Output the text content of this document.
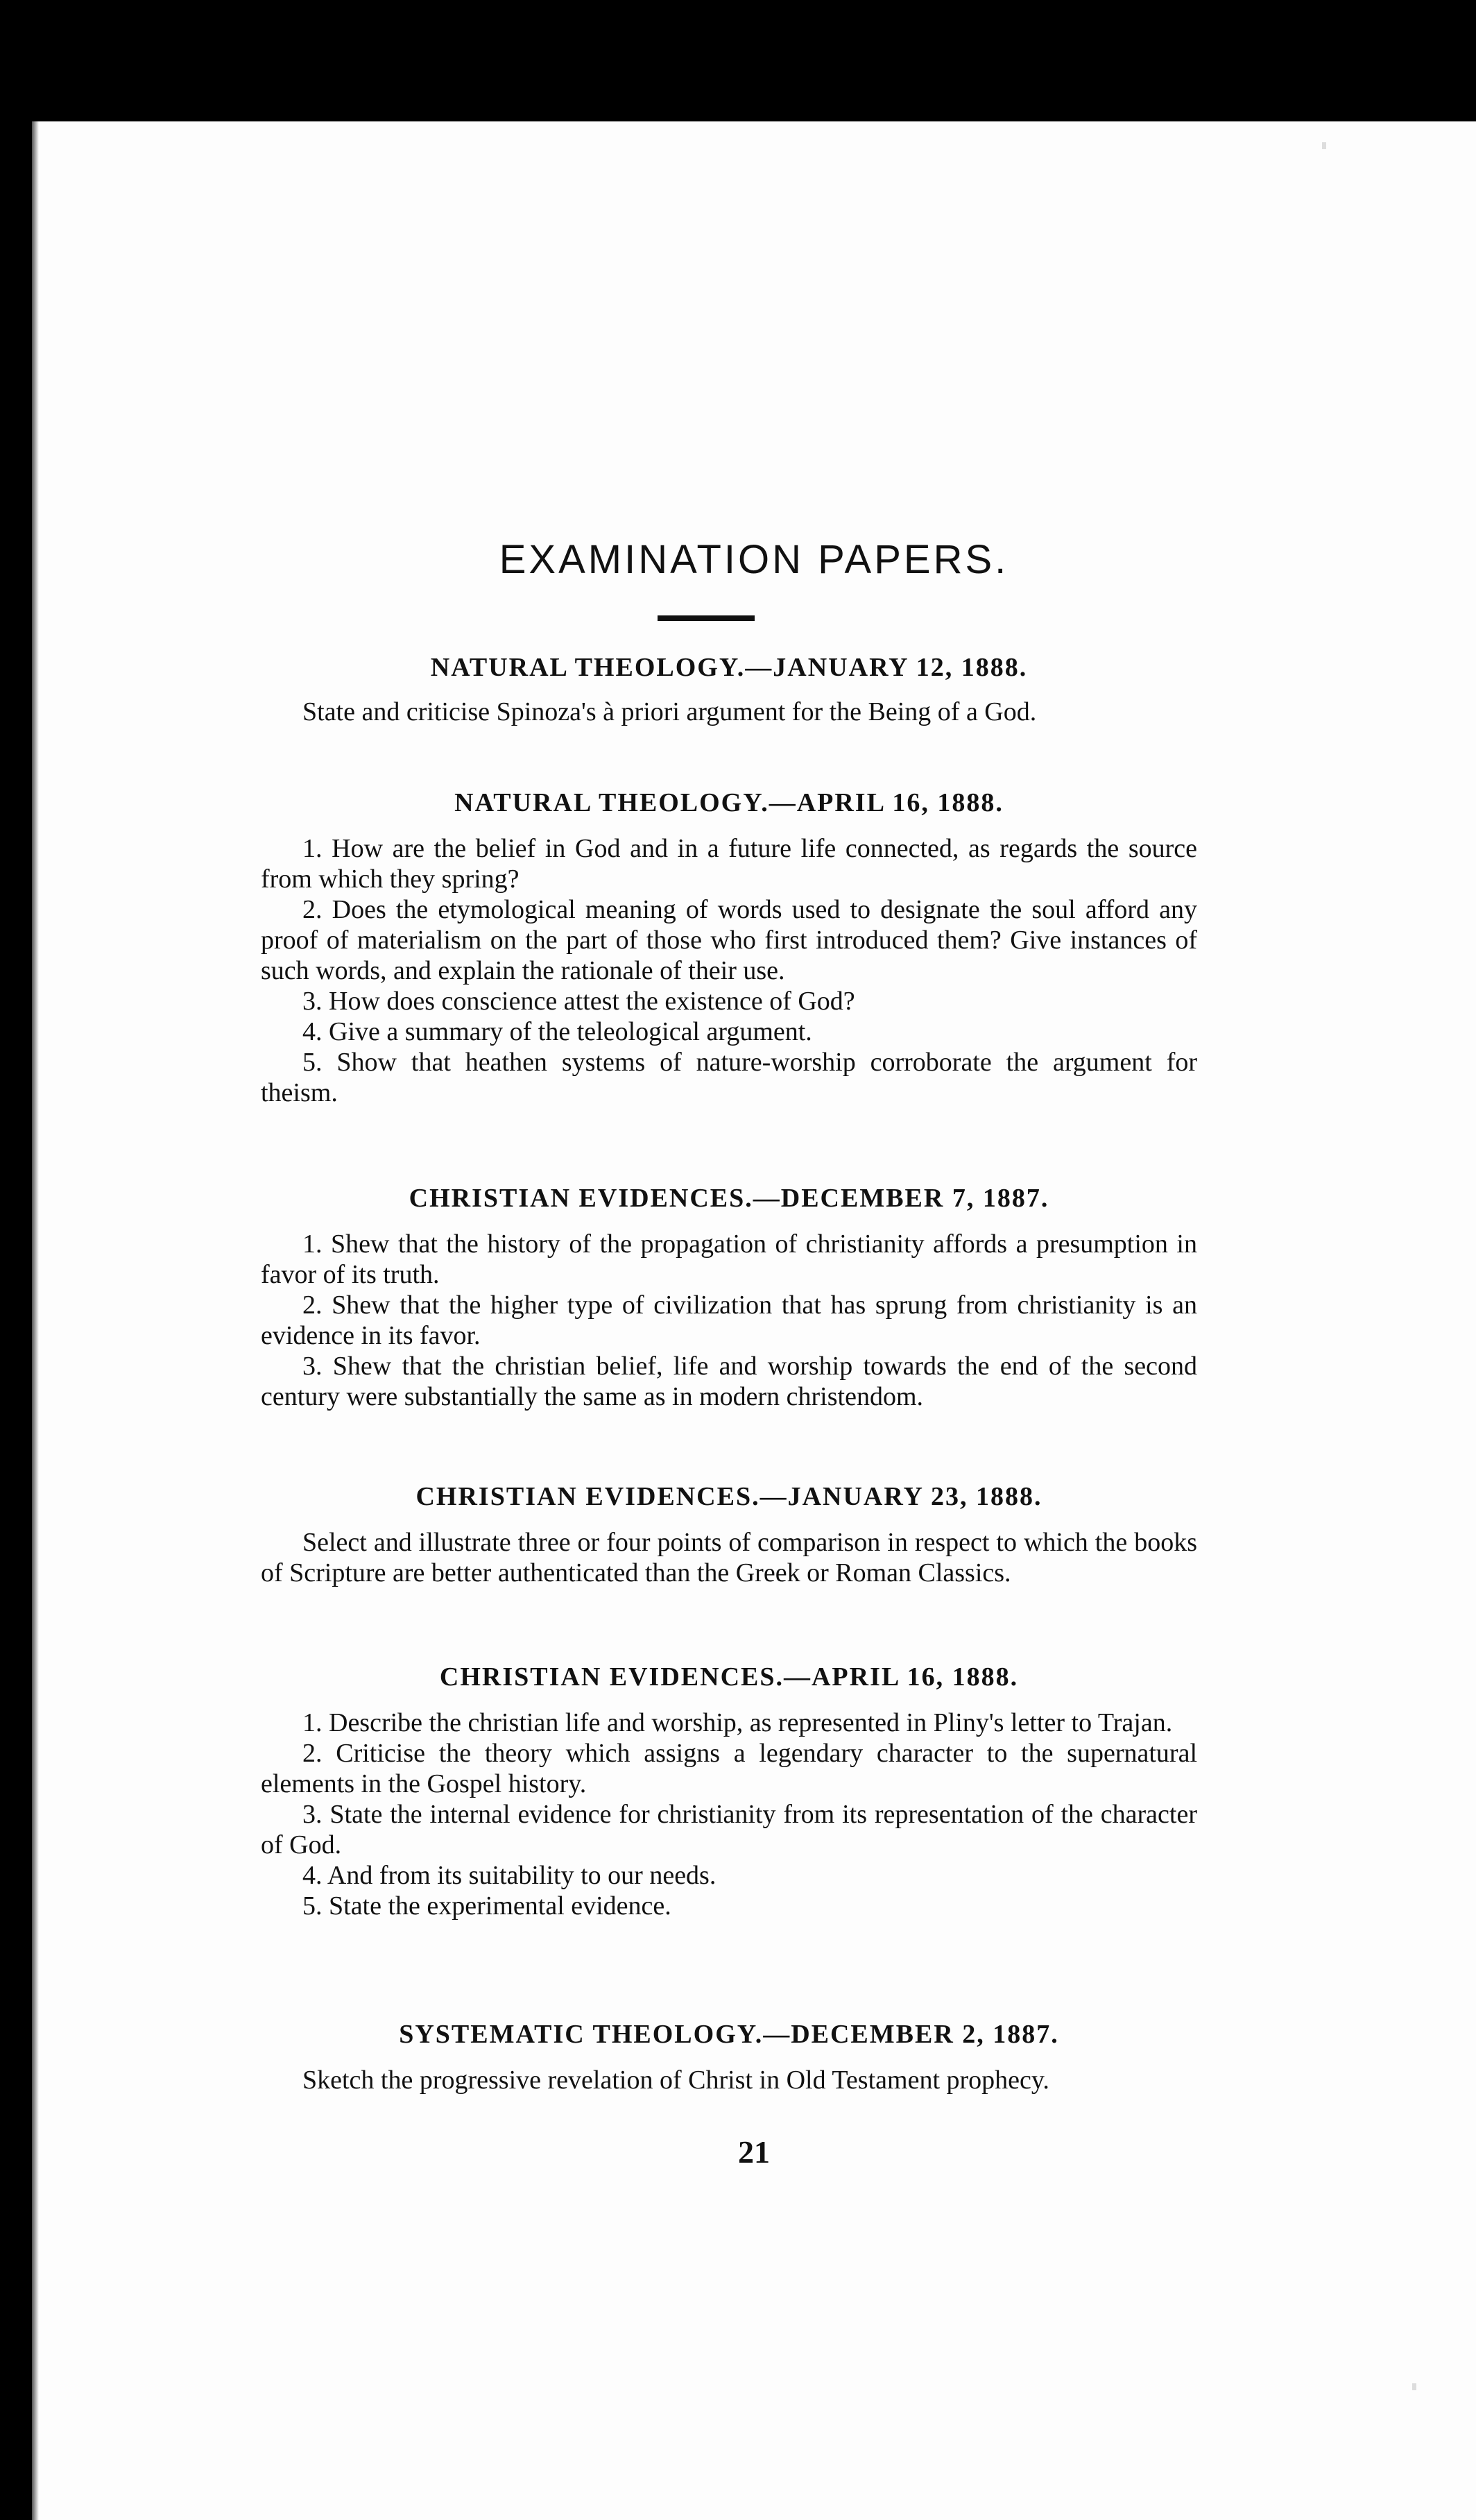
EXAMINATION PAPERS.

NATURAL THEOLOGY.—JANUARY 12, 1888.

State and criticise Spinoza's à priori argument for the Being of a God.

NATURAL THEOLOGY.—APRIL 16, 1888.

1. How are the belief in God and in a future life connected, as regards the source from which they spring?

2. Does the etymological meaning of words used to designate the soul afford any proof of materialism on the part of those who first introduced them? Give instances of such words, and explain the rationale of their use.

3. How does conscience attest the existence of God?

4. Give a summary of the teleological argument.

5. Show that heathen systems of nature-worship corroborate the argument for theism.

CHRISTIAN EVIDENCES.—DECEMBER 7, 1887.

1. Shew that the history of the propagation of christianity affords a presumption in favor of its truth.

2. Shew that the higher type of civilization that has sprung from christianity is an evidence in its favor.

3. Shew that the christian belief, life and worship towards the end of the second century were substantially the same as in modern christendom.

CHRISTIAN EVIDENCES.—JANUARY 23, 1888.

Select and illustrate three or four points of comparison in respect to which the books of Scripture are better authenticated than the Greek or Roman Classics.

CHRISTIAN EVIDENCES.—APRIL 16, 1888.

1. Describe the christian life and worship, as represented in Pliny's letter to Trajan.

2. Criticise the theory which assigns a legendary character to the supernatural elements in the Gospel history.

3. State the internal evidence for christianity from its representation of the character of God.

4. And from its suitability to our needs.

5. State the experimental evidence.

SYSTEMATIC THEOLOGY.—DECEMBER 2, 1887.

Sketch the progressive revelation of Christ in Old Testament prophecy.

21
